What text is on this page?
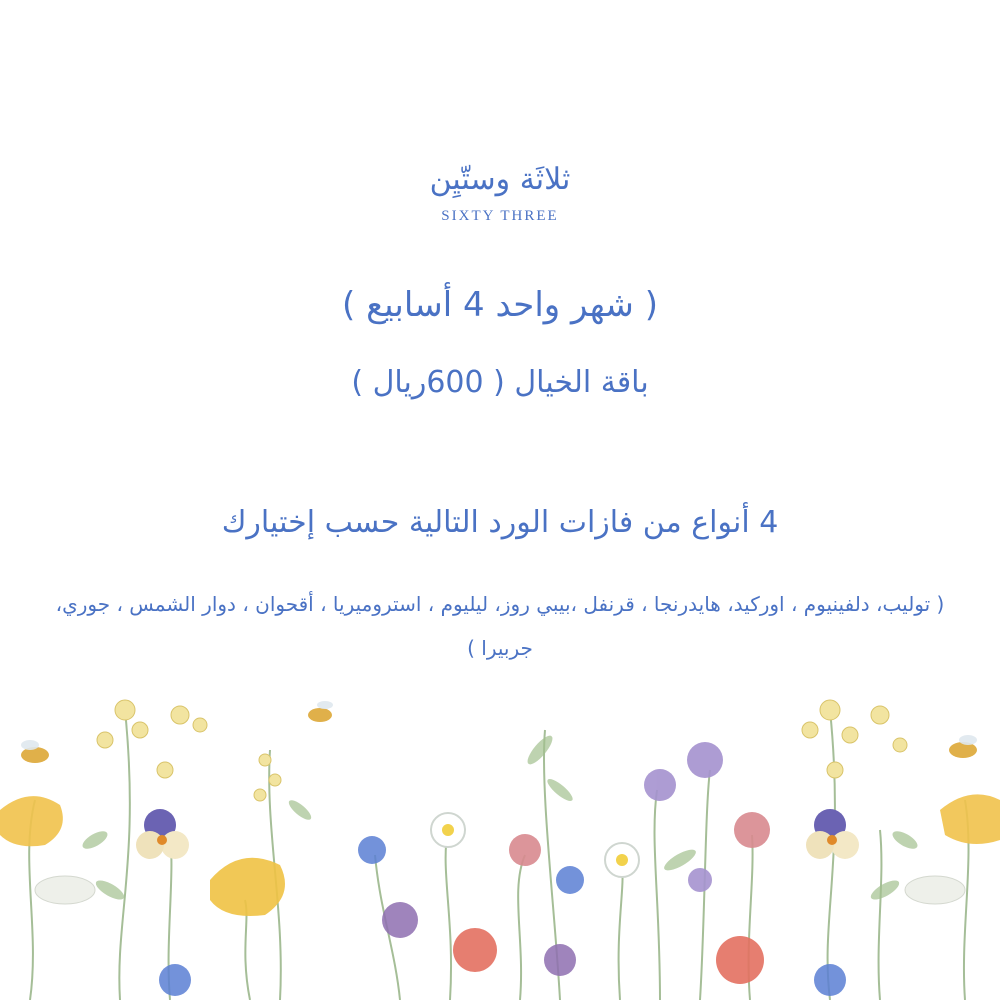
ثلاثَة وستّيِن
SIXTY THREE
( شهر واحد 4 أسابيع )
باقة الخيال ( 600ريال )
4 أنواع من فازات الورد التالية حسب إختيارك
( توليب، دلفينيوم ، اوركيد، هايدرنجا ، قرنفل ،بيبي روز، ليليوم ، استروميريا ، أقحوان ، دوار الشمس ، جوري، جربيرا )
